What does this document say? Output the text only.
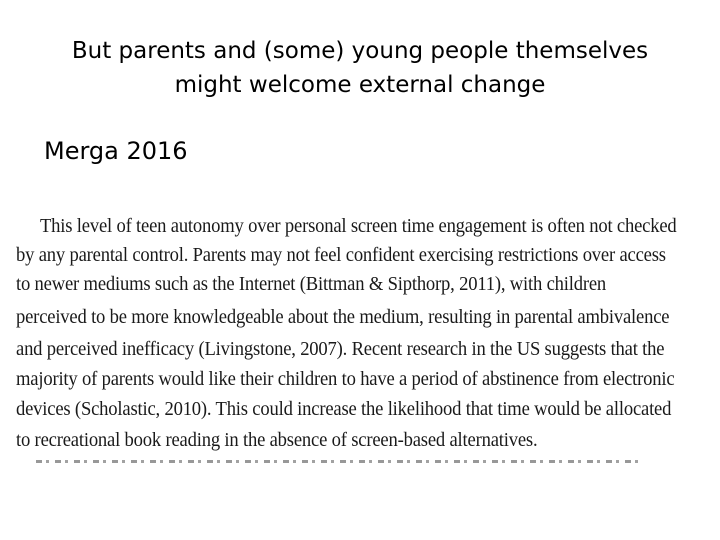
But parents and (some) young people themselves
might welcome external change
Merga 2016
This level of teen autonomy over personal screen time engagement is often not checked
by any parental control. Parents may not feel confident exercising restrictions over access
to newer mediums such as the Internet (Bittman & Sipthorp, 2011), with children
perceived to be more knowledgeable about the medium, resulting in parental ambivalence
and perceived inefficacy (Livingstone, 2007). Recent research in the US suggests that the
majority of parents would like their children to have a period of abstinence from electronic
devices (Scholastic, 2010). This could increase the likelihood that time would be allocated
to recreational book reading in the absence of screen-based alternatives.
